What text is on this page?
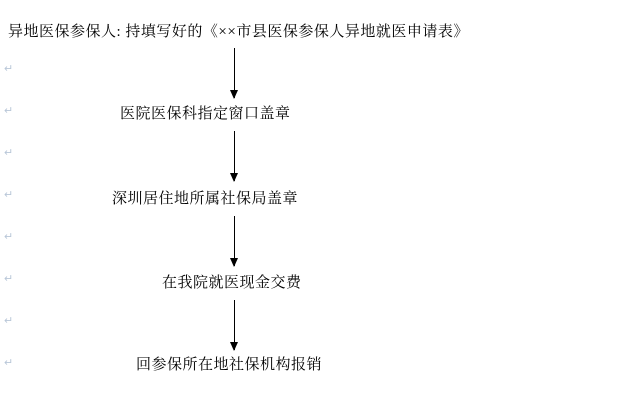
↵
↵
↵
↵
↵
↵
↵
↵
异地医保参保人: 持填写好的《××市县医保参保人异地就医申请表》
医院医保科指定窗口盖章
深圳居住地所属社保局盖章
在我院就医现金交费
回参保所在地社保机构报销
